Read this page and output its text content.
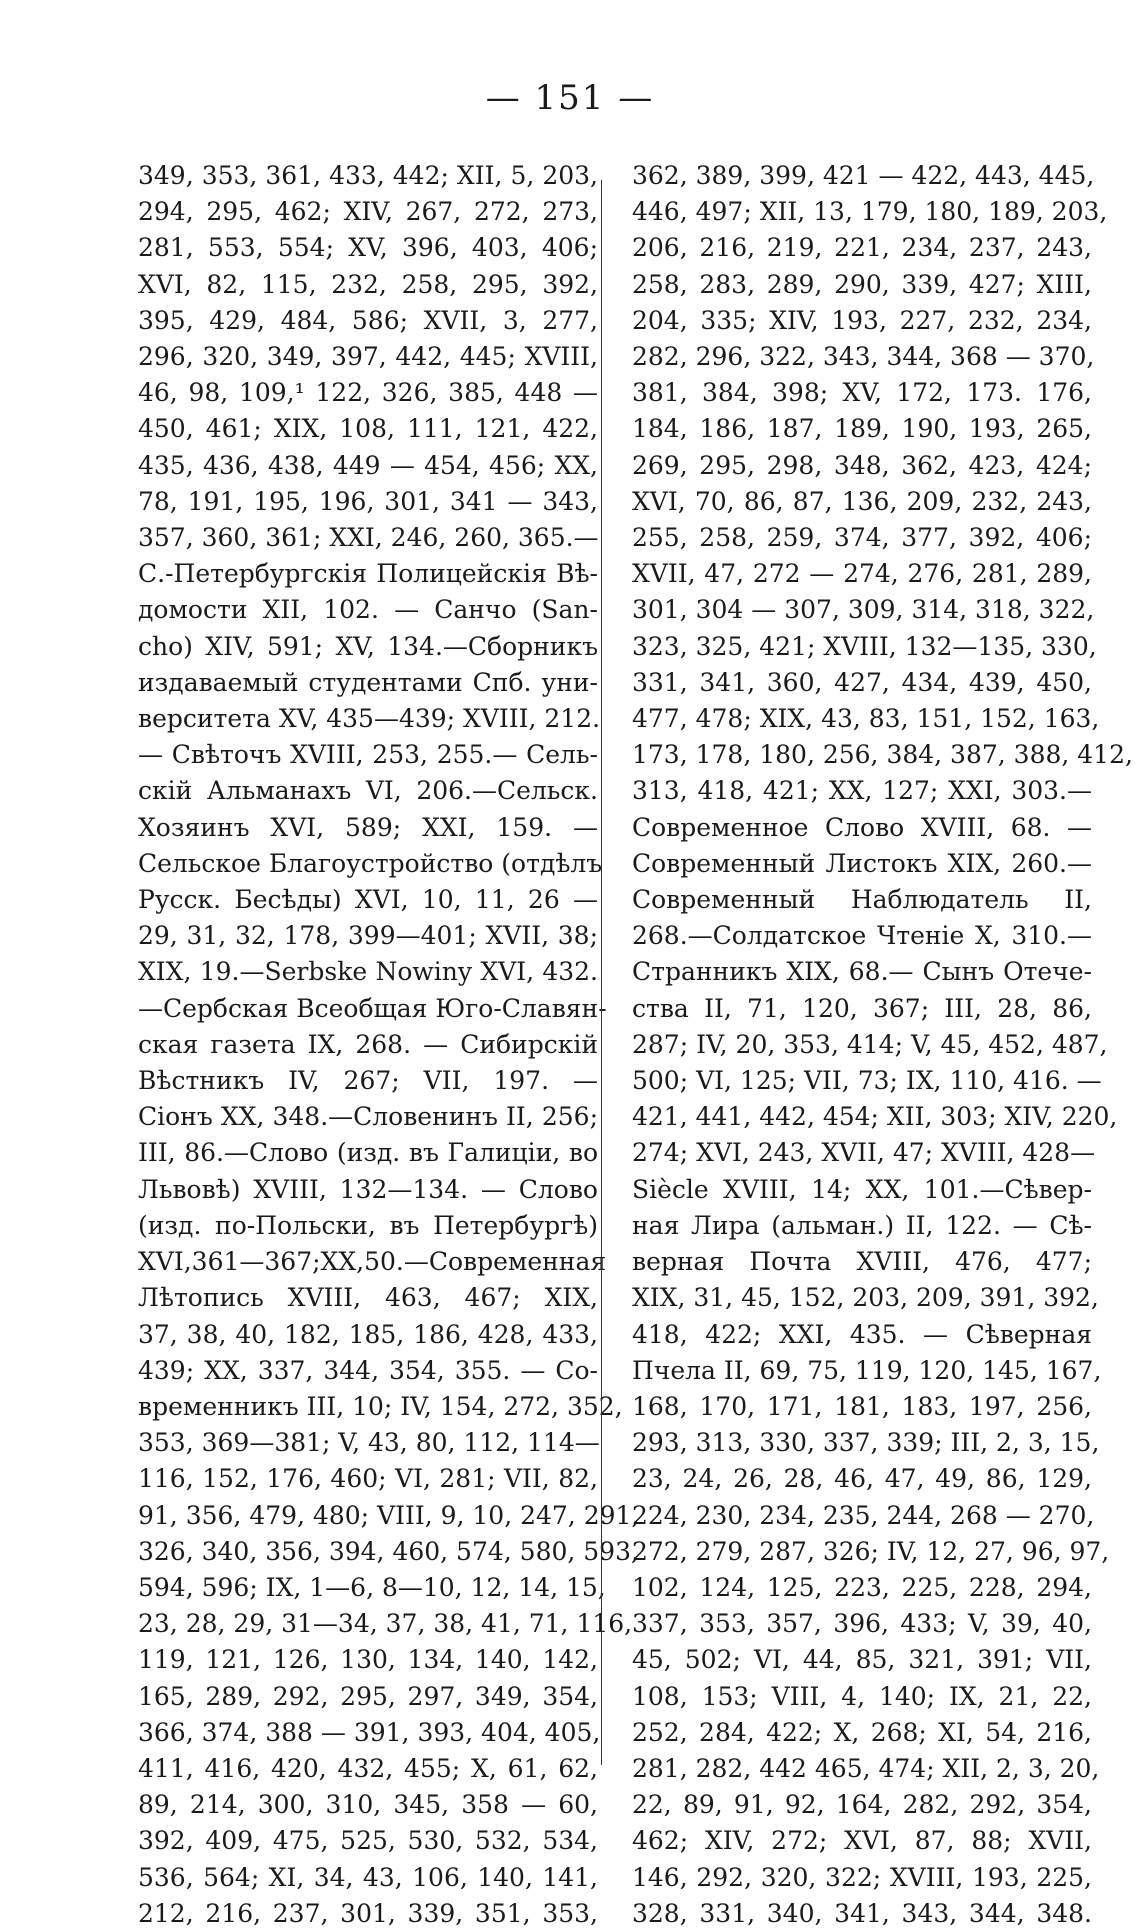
— 151 —
349, 353, 361, 433, 442; XII, 5, 203,
294, 295, 462; XIV, 267, 272, 273,
281, 553, 554; XV, 396, 403, 406;
XVI, 82, 115, 232, 258, 295, 392,
395, 429, 484, 586; XVII, 3, 277,
296, 320, 349, 397, 442, 445; XVIII,
46, 98, 109,¹ 122, 326, 385, 448 —
450, 461; XIX, 108, 111, 121, 422,
435, 436, 438, 449 — 454, 456; XX,
78, 191, 195, 196, 301, 341 — 343,
357, 360, 361; XXI, 246, 260, 365.—
С.-Петербургскія Полицейскія Вѣ-
домости XII, 102. — Санчо (San-
cho) XIV, 591; XV, 134.—Сборникъ
издаваемый студентами Спб. уни-
верситета XV, 435—439; XVIII, 212.
— Свѣточъ XVIII, 253, 255.— Сель-
скій Альманахъ VI, 206.—Сельск.
Хозяинъ XVI, 589; XXI, 159. —
Сельское Благоустройство (отдѣлъ
Русск. Бесѣды) XVI, 10, 11, 26 —
29, 31, 32, 178, 399—401; XVII, 38;
XIX, 19.—Serbske Nowiny XVI, 432.
—Сербская Всеобщая Юго-Славян-
ская газета IX, 268. — Сибирскій
Вѣстникъ IV, 267; VII, 197. —
Сіонъ XX, 348.—Словенинъ II, 256;
III, 86.—Слово (изд. въ Галиціи, во
Львовѣ) XVIII, 132—134. — Слово
(изд. по-Польски, въ Петербургѣ)
XVI,361—367;XX,50.—Современная
Лѣтопись XVIII, 463, 467; XIX,
37, 38, 40, 182, 185, 186, 428, 433,
439; XX, 337, 344, 354, 355. — Со-
временникъ III, 10; IV, 154, 272, 352,
353, 369—381; V, 43, 80, 112, 114—
116, 152, 176, 460; VI, 281; VII, 82,
91, 356, 479, 480; VIII, 9, 10, 247, 291,
326, 340, 356, 394, 460, 574, 580, 593,
594, 596; IX, 1—6, 8—10, 12, 14, 15,
23, 28, 29, 31—34, 37, 38, 41, 71, 116,
119, 121, 126, 130, 134, 140, 142,
165, 289, 292, 295, 297, 349, 354,
366, 374, 388 — 391, 393, 404, 405,
411, 416, 420, 432, 455; X, 61, 62,
89, 214, 300, 310, 345, 358 — 60,
392, 409, 475, 525, 530, 532, 534,
536, 564; XI, 34, 43, 106, 140, 141,
212, 216, 237, 301, 339, 351, 353,
362, 389, 399, 421 — 422, 443, 445,
446, 497; XII, 13, 179, 180, 189, 203,
206, 216, 219, 221, 234, 237, 243,
258, 283, 289, 290, 339, 427; XIII,
204, 335; XIV, 193, 227, 232, 234,
282, 296, 322, 343, 344, 368 — 370,
381, 384, 398; XV, 172, 173. 176,
184, 186, 187, 189, 190, 193, 265,
269, 295, 298, 348, 362, 423, 424;
XVI, 70, 86, 87, 136, 209, 232, 243,
255, 258, 259, 374, 377, 392, 406;
XVII, 47, 272 — 274, 276, 281, 289,
301, 304 — 307, 309, 314, 318, 322,
323, 325, 421; XVIII, 132—135, 330,
331, 341, 360, 427, 434, 439, 450,
477, 478; XIX, 43, 83, 151, 152, 163,
173, 178, 180, 256, 384, 387, 388, 412,
313, 418, 421; XX, 127; XXI, 303.—
Современное Слово XVIII, 68. —
Современный Листокъ XIX, 260.—
Современный Наблюдатель II,
268.—Солдатское Чтеніе X, 310.—
Странникъ XIX, 68.— Сынъ Отече-
ства II, 71, 120, 367; III, 28, 86,
287; IV, 20, 353, 414; V, 45, 452, 487,
500; VI, 125; VII, 73; IX, 110, 416. —
421, 441, 442, 454; XII, 303; XIV, 220,
274; XVI, 243, XVII, 47; XVIII, 428—
Siècle XVIII, 14; XX, 101.—Сѣвер-
ная Лира (альман.) II, 122. — Сѣ-
верная Почта XVIII, 476, 477;
XIX, 31, 45, 152, 203, 209, 391, 392,
418, 422; XXI, 435. — Сѣверная
Пчела II, 69, 75, 119, 120, 145, 167,
168, 170, 171, 181, 183, 197, 256,
293, 313, 330, 337, 339; III, 2, 3, 15,
23, 24, 26, 28, 46, 47, 49, 86, 129,
224, 230, 234, 235, 244, 268 — 270,
272, 279, 287, 326; IV, 12, 27, 96, 97,
102, 124, 125, 223, 225, 228, 294,
337, 353, 357, 396, 433; V, 39, 40,
45, 502; VI, 44, 85, 321, 391; VII,
108, 153; VIII, 4, 140; IX, 21, 22,
252, 284, 422; X, 268; XI, 54, 216,
281, 282, 442 465, 474; XII, 2, 3, 20,
22, 89, 91, 92, 164, 282, 292, 354,
462; XIV, 272; XVI, 87, 88; XVII,
146, 292, 320, 322; XVIII, 193, 225,
328, 331, 340, 341, 343, 344, 348.
